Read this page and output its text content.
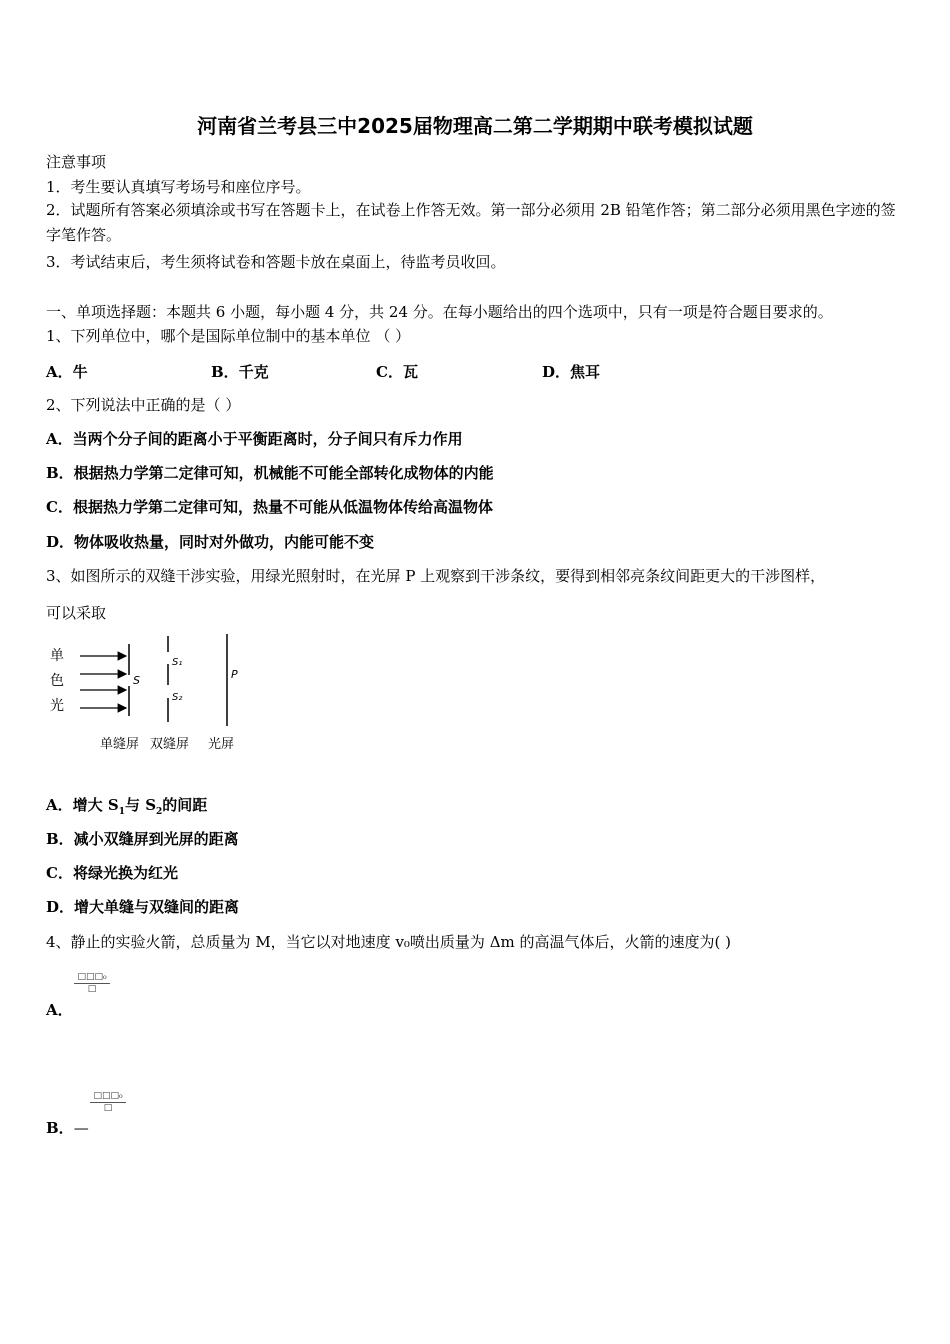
河南省兰考县三中2025届物理高二第二学期期中联考模拟试题
注意事项
1．考生要认真填写考场号和座位序号。
2．试题所有答案必须填涂或书写在答题卡上，在试卷上作答无效。第一部分必须用 2B 铅笔作答；第二部分必须用黑色字迹的签字笔作答。
3．考试结束后，考生须将试卷和答题卡放在桌面上，待监考员收回。
一、单项选择题：本题共 6 小题，每小题 4 分，共 24 分。在每小题给出的四个选项中，只有一项是符合题目要求的。
1、下列单位中，哪个是国际单位制中的基本单位 （ ）
A．牛	B．千克	C．瓦	D．焦耳
2、下列说法中正确的是（ ）
A．当两个分子间的距离小于平衡距离时，分子间只有斥力作用
B．根据热力学第二定律可知，机械能不可能全部转化成物体的内能
C．根据热力学第二定律可知，热量不可能从低温物体传给高温物体
D．物体吸收热量，同时对外做功，内能可能不变
3、如图所示的双缝干涉实验，用绿光照射时，在光屏 P 上观察到干涉条纹，要得到相邻亮条纹间距更大的干涉图样，
可以采取
单
色
光
S
S₁
S₂
P
单缝屏 双缝屏 光屏
A．增大 $S_1$与 $S_2$的间距
B．减小双缝屏到光屏的距离
C．将绿光换为红光
D．增大单缝与双缝间的距离
4、静止的实验火箭，总质量为 M，当它以对地速度 v₀喷出质量为 Δm 的高温气体后，火箭的速度为( )
□□□₀
□
A．
□□□₀
□
B．—
